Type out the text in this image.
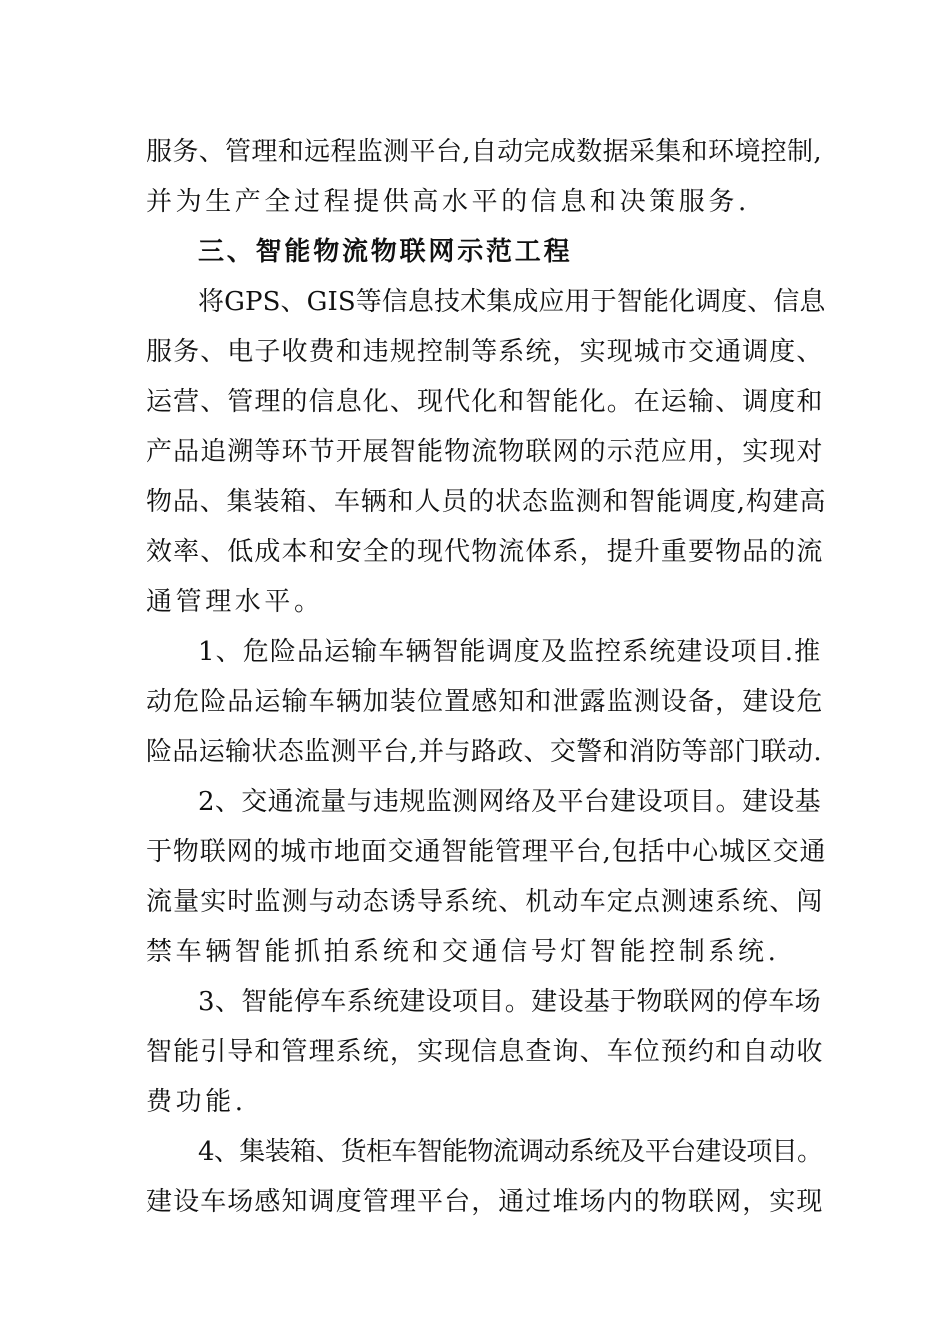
服务、管理和远程监测平台,自动完成数据采集和环境控制,
并为生产全过程提供高水平的信息和决策服务.
三、智能物流物联网示范工程
将GPS、GIS等信息技术集成应用于智能化调度、信息
服务、电子收费和违规控制等系统，实现城市交通调度、
运营、管理的信息化、现代化和智能化。在运输、调度和
产品追溯等环节开展智能物流物联网的示范应用，实现对
物品、集装箱、车辆和人员的状态监测和智能调度,构建高
效率、低成本和安全的现代物流体系，提升重要物品的流
通管理水平。
1、危险品运输车辆智能调度及监控系统建设项目.推
动危险品运输车辆加装位置感知和泄露监测设备，建设危
险品运输状态监测平台,并与路政、交警和消防等部门联动.
2、交通流量与违规监测网络及平台建设项目。建设基
于物联网的城市地面交通智能管理平台,包括中心城区交通
流量实时监测与动态诱导系统、机动车定点测速系统、闯
禁车辆智能抓拍系统和交通信号灯智能控制系统.
3、智能停车系统建设项目。建设基于物联网的停车场
智能引导和管理系统，实现信息查询、车位预约和自动收
费功能.
4、集装箱、货柜车智能物流调动系统及平台建设项目。
建设车场感知调度管理平台，通过堆场内的物联网，实现
